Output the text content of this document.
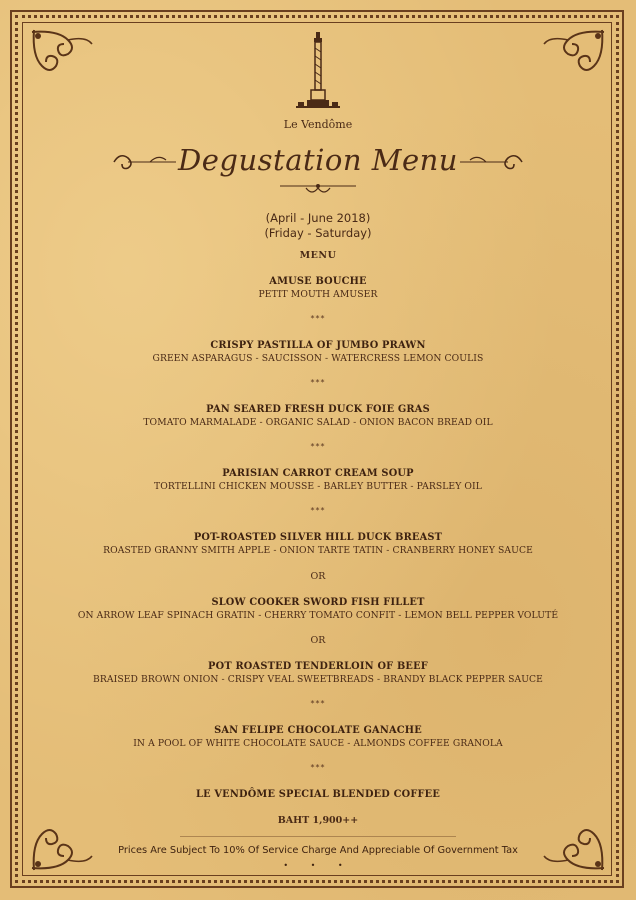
Le Vendôme
Degustation Menu
(April - June 2018)
(Friday - Saturday)
MENU
AMUSE BOUCHE
PETIT MOUTH AMUSER
***
CRISPY PASTILLA OF JUMBO PRAWN
GREEN ASPARAGUS - SAUCISSON - WATERCRESS LEMON COULIS
***
PAN SEARED FRESH DUCK FOIE GRAS
TOMATO MARMALADE - ORGANIC SALAD - ONION BACON BREAD OIL
***
PARISIAN CARROT CREAM SOUP
TORTELLINI CHICKEN MOUSSE - BARLEY BUTTER - PARSLEY OIL
***
POT-ROASTED SILVER HILL DUCK BREAST
ROASTED GRANNY SMITH APPLE - ONION TARTE TATIN - CRANBERRY HONEY SAUCE
OR
SLOW COOKER SWORD FISH FILLET
ON ARROW LEAF SPINACH GRATIN - CHERRY TOMATO CONFIT - LEMON BELL PEPPER VOLUTÉ
OR
POT ROASTED TENDERLOIN OF BEEF
BRAISED BROWN ONION - CRISPY VEAL SWEETBREADS - BRANDY BLACK PEPPER SAUCE
***
SAN FELIPE CHOCOLATE GANACHE
IN A POOL OF WHITE CHOCOLATE SAUCE - ALMONDS COFFEE GRANOLA
***
LE VENDÔME SPECIAL BLENDED COFFEE
BAHT 1,900++
Prices Are Subject To 10% Of Service Charge And Appreciable Of Government Tax
• • •
